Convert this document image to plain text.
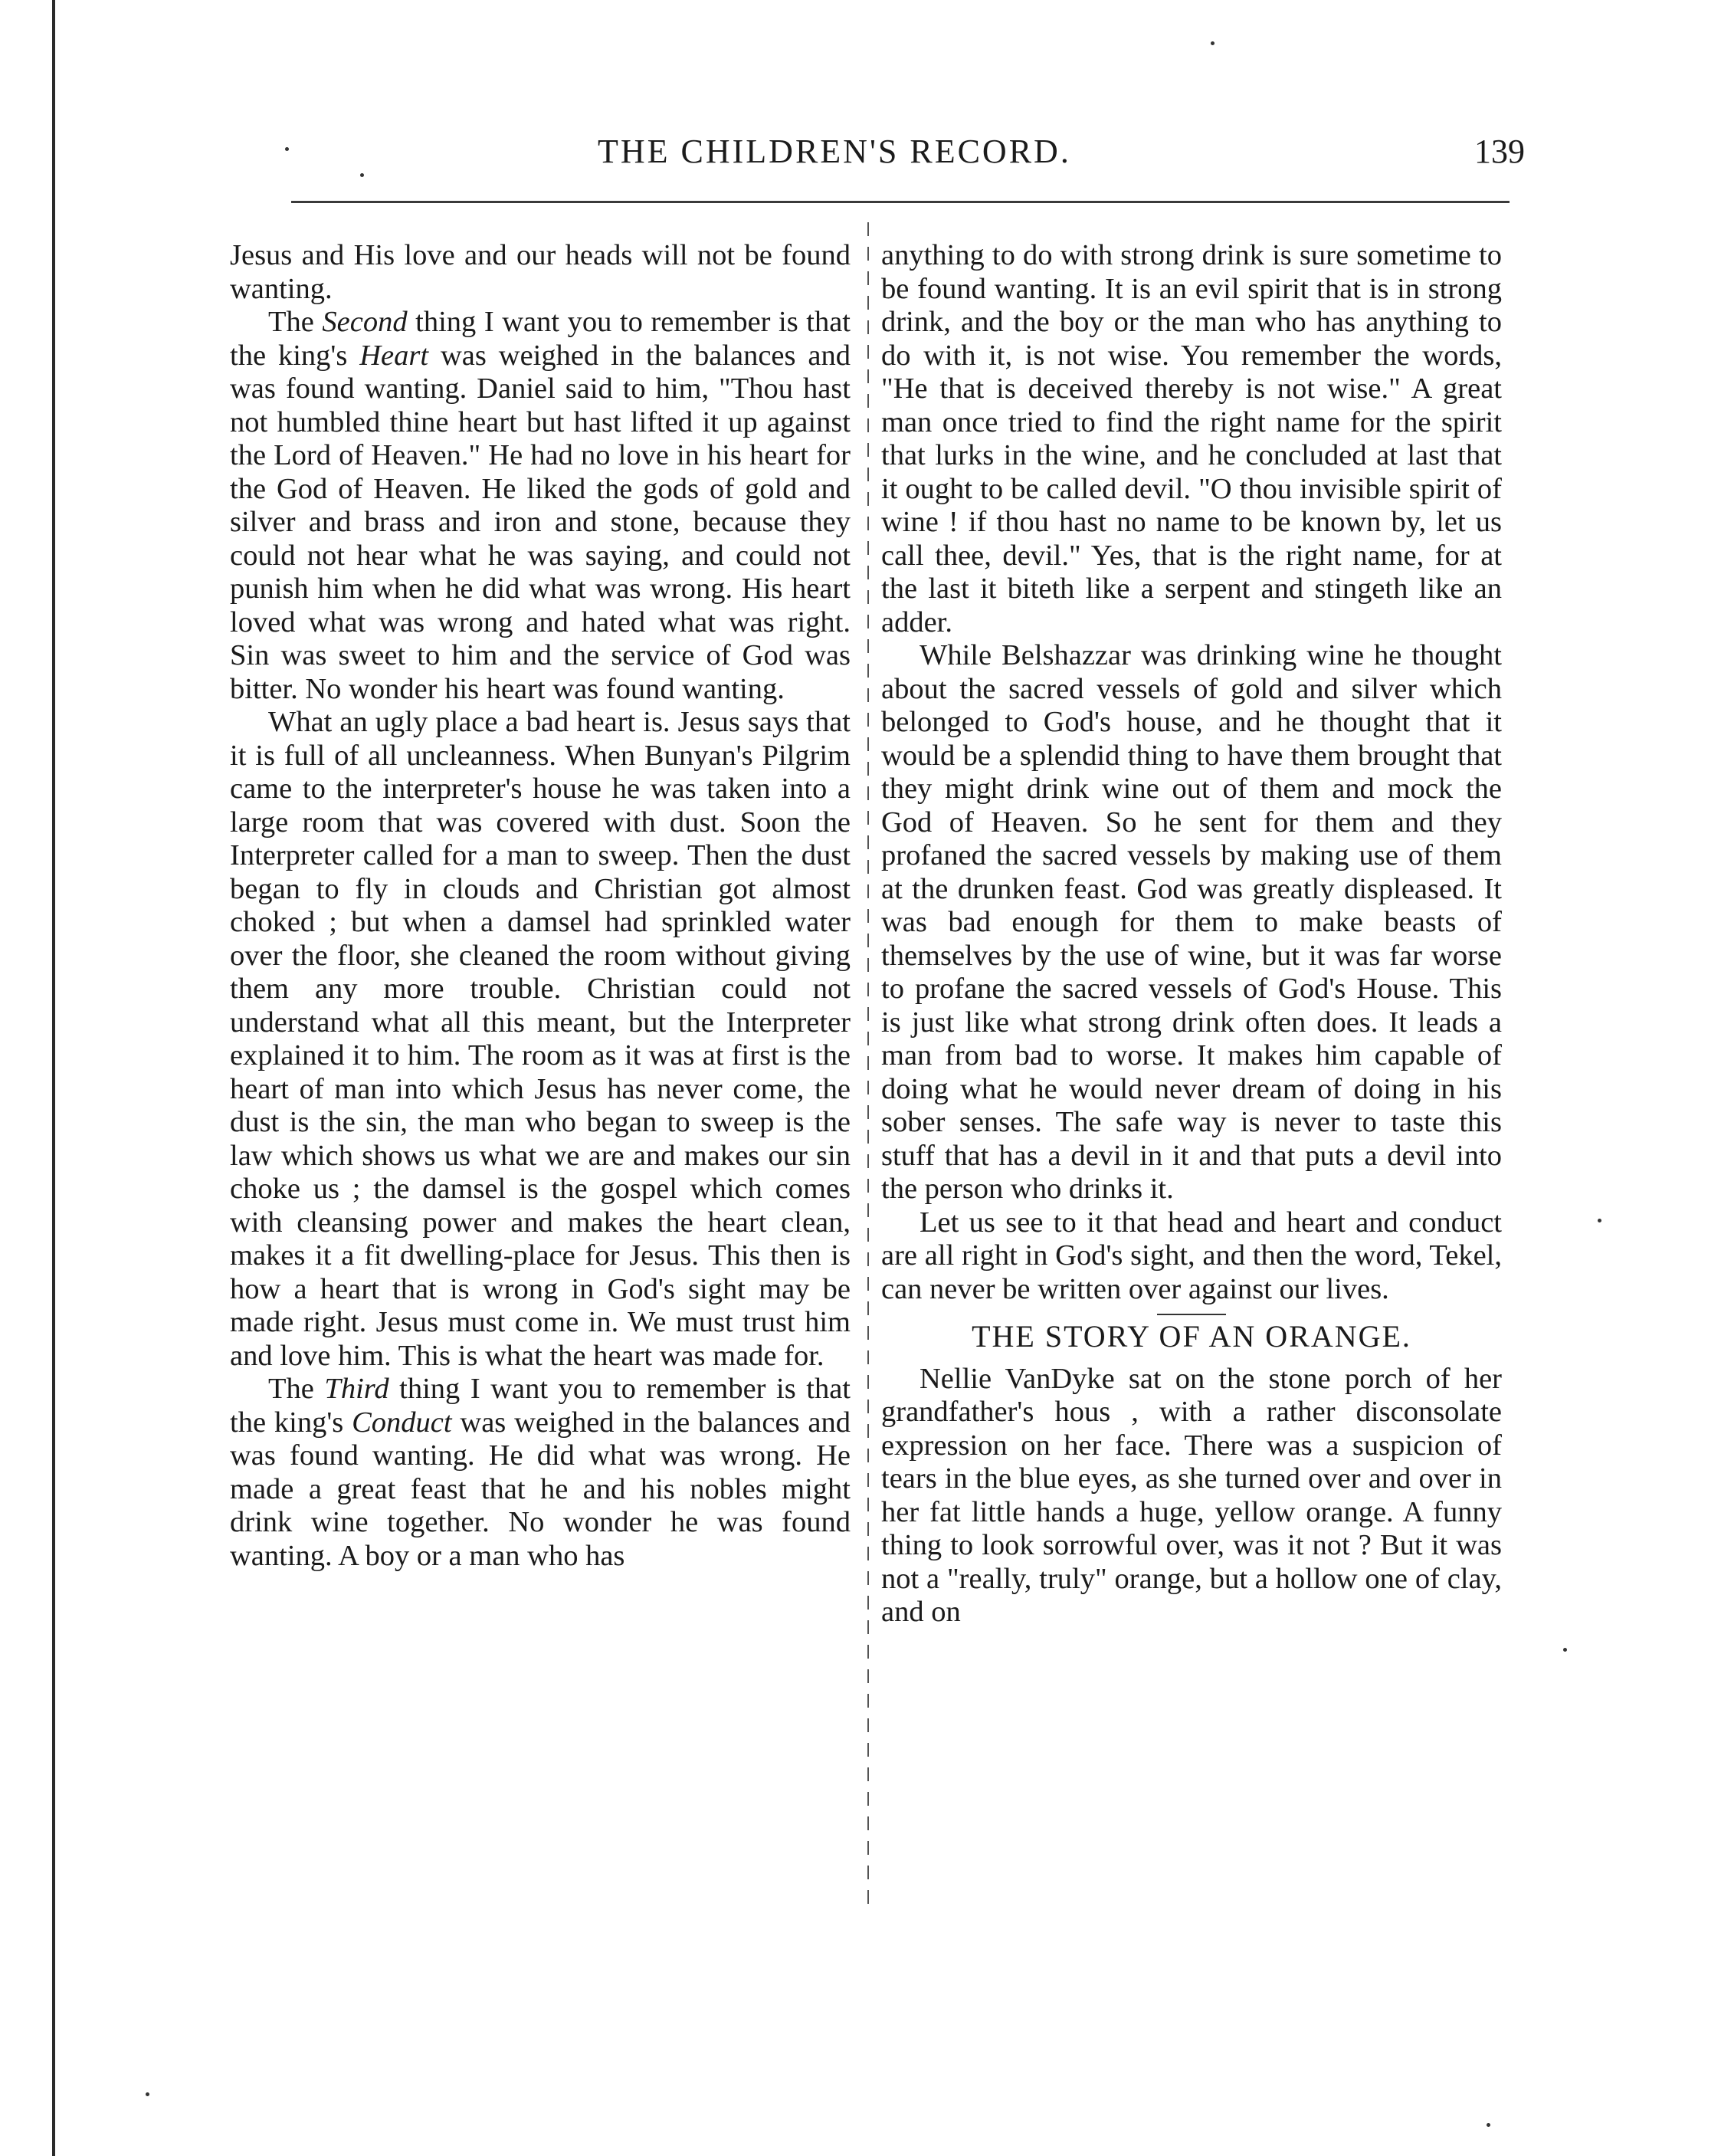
THE CHILDREN'S RECORD.	139

Jesus and His love and our heads will not be found wanting.

The Second thing I want you to remember is that the king's Heart was weighed in the balances and was found wanting. Daniel said to him, "Thou hast not humbled thine heart but hast lifted it up against the Lord of Heaven." He had no love in his heart for the God of Heaven. He liked the gods of gold and silver and brass and iron and stone, because they could not hear what he was saying, and could not punish him when he did what was wrong. His heart loved what was wrong and hated what was right. Sin was sweet to him and the service of God was bitter. No wonder his heart was found wanting.

What an ugly place a bad heart is. Jesus says that it is full of all uncleanness. When Bunyan's Pilgrim came to the interpreter's house he was taken into a large room that was covered with dust. Soon the Interpreter called for a man to sweep. Then the dust began to fly in clouds and Christian got almost choked ; but when a damsel had sprinkled water over the floor, she cleaned the room without giving them any more trouble. Christian could not understand what all this meant, but the Interpreter explained it to him. The room as it was at first is the heart of man into which Jesus has never come, the dust is the sin, the man who began to sweep is the law which shows us what we are and makes our sin choke us ; the damsel is the gospel which comes with cleansing power and makes the heart clean, makes it a fit dwelling-place for Jesus. This then is how a heart that is wrong in God's sight may be made right. Jesus must come in. We must trust him and love him. This is what the heart was made for.

The Third thing I want you to remember is that the king's Conduct was weighed in the balances and was found wanting. He did what was wrong. He made a great feast that he and his nobles might drink wine together. No wonder he was found wanting. A boy or a man who has

anything to do with strong drink is sure sometime to be found wanting. It is an evil spirit that is in strong drink, and the boy or the man who has anything to do with it, is not wise. You remember the words, "He that is deceived thereby is not wise." A great man once tried to find the right name for the spirit that lurks in the wine, and he concluded at last that it ought to be called devil. "O thou invisible spirit of wine ! if thou hast no name to be known by, let us call thee, devil." Yes, that is the right name, for at the last it biteth like a serpent and stingeth like an adder.

While Belshazzar was drinking wine he thought about the sacred vessels of gold and silver which belonged to God's house, and he thought that it would be a splendid thing to have them brought that they might drink wine out of them and mock the God of Heaven. So he sent for them and they profaned the sacred vessels by making use of them at the drunken feast. God was greatly displeased. It was bad enough for them to make beasts of themselves by the use of wine, but it was far worse to profane the sacred vessels of God's House. This is just like what strong drink often does. It leads a man from bad to worse. It makes him capable of doing what he would never dream of doing in his sober senses. The safe way is never to taste this stuff that has a devil in it and that puts a devil into the person who drinks it.

Let us see to it that head and heart and conduct are all right in God's sight, and then the word, Tekel, can never be written over against our lives.

THE STORY OF AN ORANGE.

Nellie VanDyke sat on the stone porch of her grandfather's hous , with a rather disconsolate expression on her face. There was a suspicion of tears in the blue eyes, as she turned over and over in her fat little hands a huge, yellow orange. A funny thing to look sorrowful over, was it not ? But it was not a "really, truly" orange, but a hollow one of clay, and on
